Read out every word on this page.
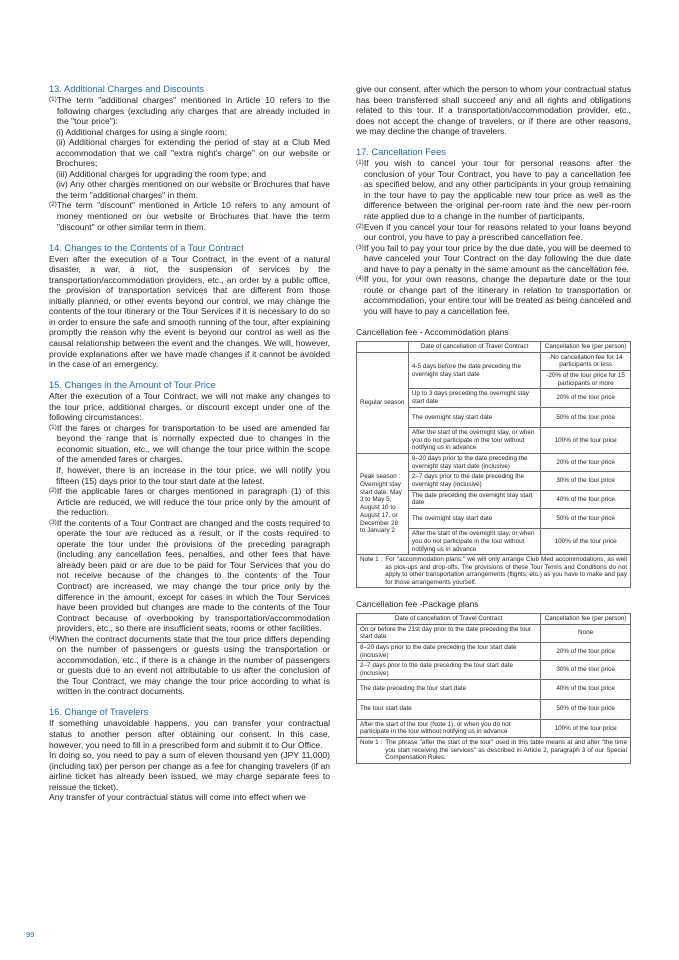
13. Additional Charges and Discounts
(1) The term "additional charges" mentioned in Article 10 refers to the following charges (excluding any charges that are already included in the "tour price"):

(i) Additional charges for using a single room;

(ii) Additional charges for extending the period of stay at a Club Med accommodation that we call "extra night's charge" on our website or Brochures;

(iii) Additional charges for upgrading the room type; and

(iv) Any other charges mentioned on our website or Brochures that have the term "additional charges" in them.

(2) The term "discount" mentioned in Article 10 refers to any amount of money mentioned on our website or Brochures that have the term "discount" or other similar term in them.
14. Changes to the Contents of a Tour Contract

Even after the execution of a Tour Contract, in the event of a natural disaster, a war, a riot, the suspension of services by the transportation/accommodation providers, etc., an order by a public office, the provision of transportation services that are different from those initially planned, or other events beyond our control, we may change the contents of the tour itinerary or the Tour Services if it is necessary to do so in order to ensure the safe and smooth running of the tour, after explaining promptly the reason why the event is beyond our control as well as the causal relationship between the event and the changes. We will, however, provide explanations after we have made changes if it cannot be avoided in the case of an emergency.

15. Changes in the Amount of Tour Price

After the execution of a Tour Contract, we will not make any changes to the tour price, additional charges, or discount except under one of the following circumstances:

(1) If the fares or charges for transportation to be used are amended far beyond the range that is normally expected due to changes in the economic situation, etc., we will change the tour price within the scope of the amended fares or charges.

If, however, there is an increase in the tour price, we will notify you fifteen (15) days prior to the tour start date at the latest.

(2) If the applicable fares or charges mentioned in paragraph (1) of this Article are reduced, we will reduce the tour price only by the amount of the reduction.
(3) If the contents of a Tour Contract are changed and the costs required to operate the tour are reduced as a result, or if the costs required to operate the tour under the provisions of the preceding paragraph (including any cancellation fees, penalties, and other fees that have already been paid or are due to be paid for Tour Services that you do not receive because of the changes to the contents of the Tour Contract) are increased, we may change the tour price only by the difference in the amount, except for cases in which the Tour Services have been provided but changes are made to the contents of the Tour Contract because of overbooking by transportation/accommodation providers, etc., so there are insufficient seats, rooms or other facilities.
(4) When the contract documents state that the tour price differs depending on the number of passengers or guests using the transportation or accommodation, etc., if there is a change in the number of passengers or guests due to an event not attributable to us after the conclusion of the Tour Contract, we may change the tour price according to what is written in the contract documents.
16. Change of Travelers

If something unavoidable happens, you can transfer your contractual status to another person after obtaining our consent. In this case, however, you need to fill in a prescribed form and submit it to Our Office.

In doing so, you need to pay a sum of eleven thousand yen (JPY 11,000) (including tax) per person per change as a fee for changing travelers (if an airline ticket has already been issued, we may charge separate fees to reissue the ticket).

Any transfer of your contractual status will come into effect when we

give our consent, after which the person to whom your contractual status has been transferred shall succeed any and all rights and obligations related to this tour. If a transportation/accommodation provider, etc., does not accept the change of travelers, or if there are other reasons, we may decline the change of travelers.

17. Cancellation Fees
(1) If you wish to cancel your tour for personal reasons after the conclusion of your Tour Contract, you have to pay a cancellation fee as specified below, and any other participants in your group remaining in the tour have to pay the applicable new tour price as well as the difference between the original per-room rate and the new per-room rate applied due to a change in the number of participants.
(2) Even if you cancel your tour for reasons related to your loans beyond our control, you have to pay a prescribed cancellation fee.
(3) If you fail to pay your tour price by the due date, you will be deemed to have canceled your Tour Contract on the day following the due date and have to pay a penalty in the same amount as the cancellation fee.
(4) If you, for your own reasons, change the departure date or the tour route or change part of the itinerary in relation to transportation or accommodation, your entire tour will be treated as being canceled and you will have to pay a cancellation fee.

Cancellation fee - Accommodation plans

	Date of cancellation of Travel Contract	Cancellation fee (per person)
Regular season	4-5 days before the date preceding the overnight stay start date	-No cancellation fee for 14 participants or less
		-20% of the tour price for 15 participants or more
	Up to 3 days preceding the overnight stay start date	20% of the tour price
	The overnight stay start date	50% of the tour price
	After the start of the overnight stay, or when you do not participate in the tour without notifying us in advance	100% of the tour price
Peak season : Overnight stay start date: May 3 to May 5, August 10 to August 17, or December 28 to January 2	8–20 days prior to the date preceding the overnight stay start date (inclusive)	20% of the tour price
	2–7 days prior to the date preceding the overnight stay (inclusive)	30% of the tour price
	The date preceding the overnight stay start date	40% of the tour price
	The overnight stay start date	50% of the tour price
	After the start of the overnight stay, or when you do not participate in the tour without notifying us in advance	100% of the tour price

Note 1 : For "accommodation plans," we will only arrange Club Med accommodations, as well as pick-ups and drop-offs. The provisions of these Tour Terms and Conditions do not apply to other transportation arrangements (flights, etc.) as you have to make and pay for those arrangements yourself.		

Cancellation fee -Package plans

Date of cancellation of Travel Contract	Cancellation fee (per person)
On or before the 21st day prior to the date preceding the tour start date	None
8–20 days prior to the date preceding the tour start date (inclusive)	20% of the tour price
2–7 days prior to the date preceding the tour start date (inclusive)	30% of the tour price
The date preceding the tour start date	40% of the tour price
The tour start date	50% of the tour price
After the start of the tour (Note 1), or when you do not participate in the tour without notifying us in advance	100% of the tour price

Note 1 : The phrase "after the start of the tour" used in this table means at and after "the time you start receiving the services" as described in Article 2, paragraph 3 of our Special Compensation Rules.	
99
